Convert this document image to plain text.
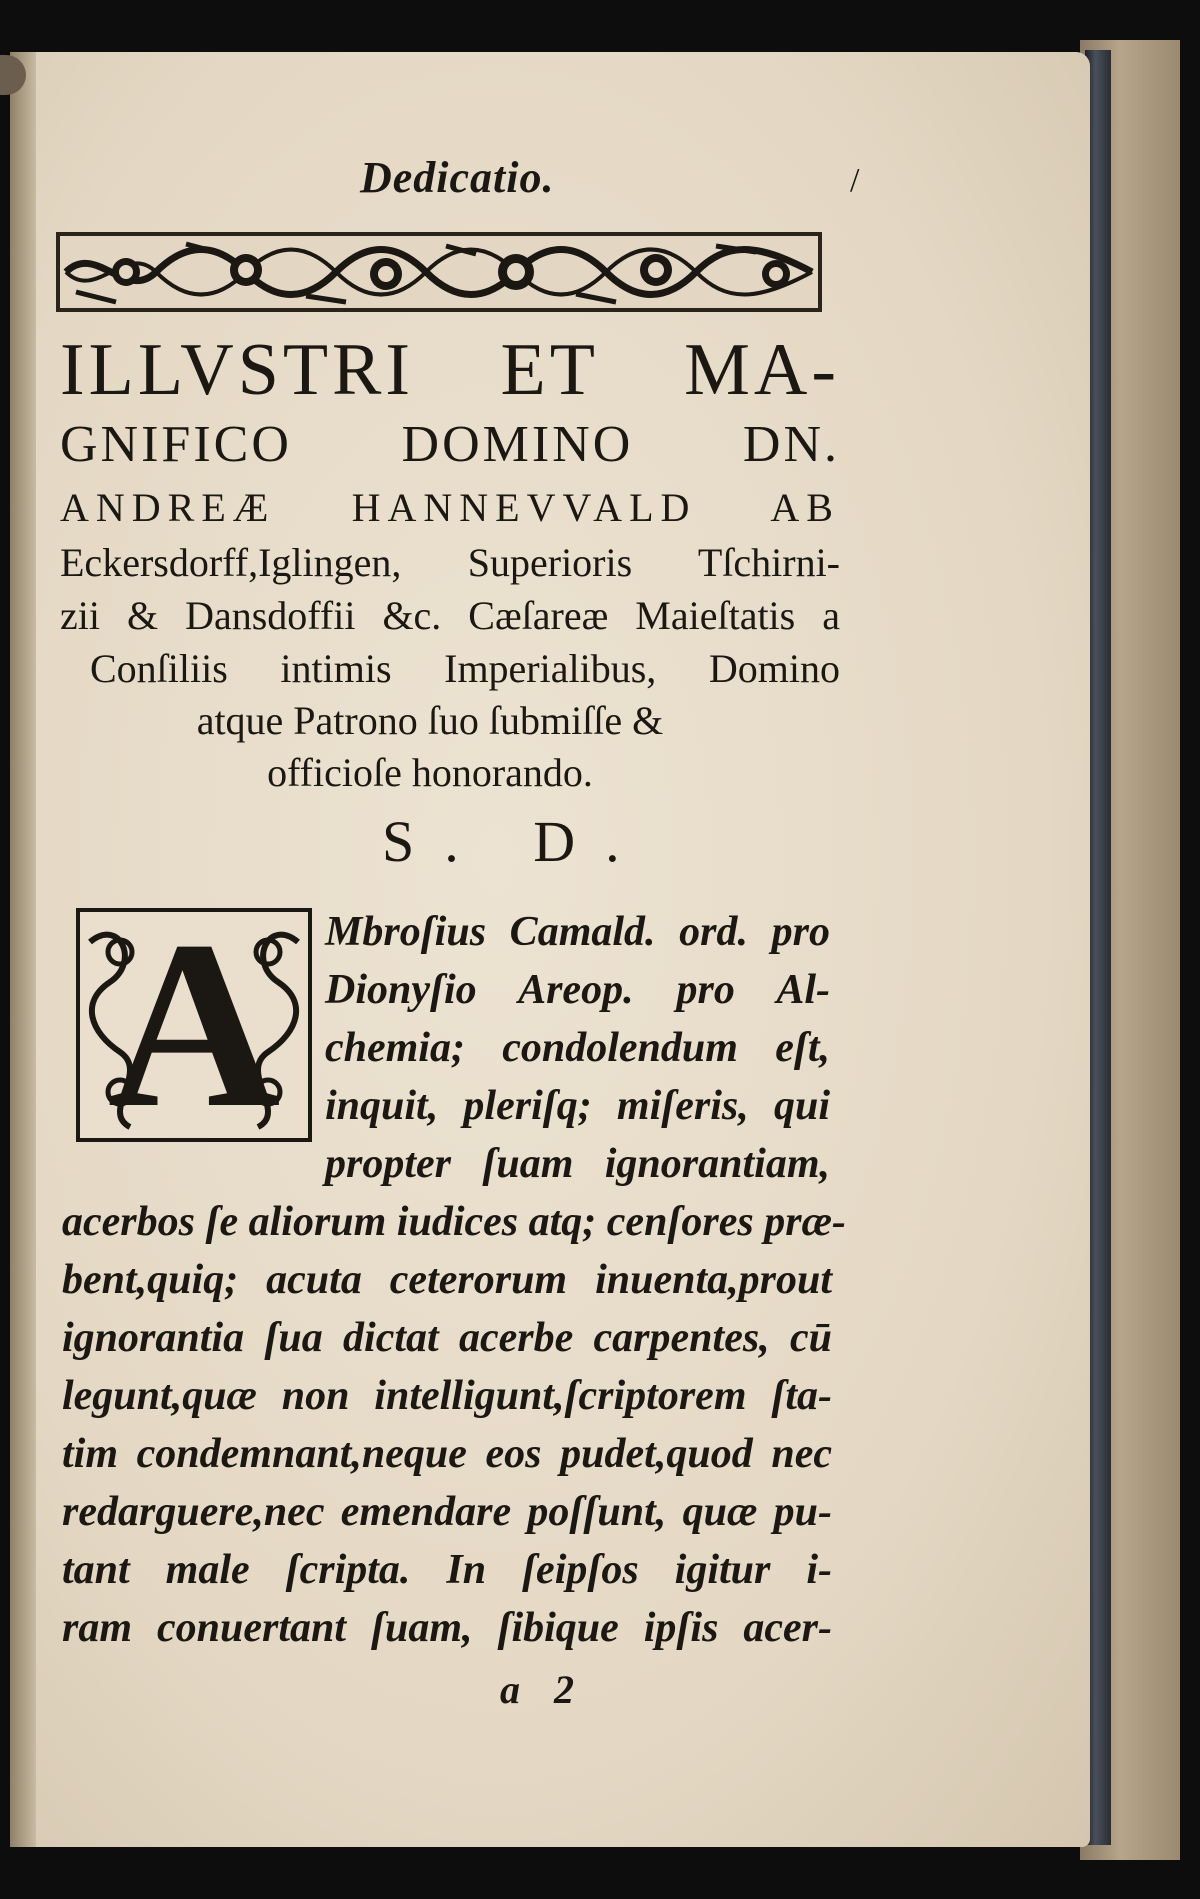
Dedicatio.	/
ILLVSTRI ET MA-
GNIFICO DOMINO DN.
ANDREÆ HANNEVVALD AB
Eckersdorff,Iglingen, Superioris Tſchirni-
zii & Dansdoffii &c. Cæſareæ Maieſtatis a
Conſiliis intimis Imperialibus, Domino
atque Patrono ſuo ſubmiſſe &
officioſe honorando.
S. D.
A	Mbroſius Camald. ord. pro
Dionyſio Areop. pro Al-
chemia; condolendum eſt,
inquit, pleriſq; miſeris, qui
propter ſuam ignorantiam,
acerbos ſe aliorum iudices atq; cenſores præ-
bent,quiq; acuta ceterorum inuenta,prout
ignorantia ſua dictat acerbe carpentes, cū
legunt,quæ non intelligunt,ſcriptorem ſta-
tim condemnant,neque eos pudet,quod nec
redarguere,nec emendare poſſunt, quæ pu-
tant male ſcripta. In ſeipſos igitur i-
ram conuertant ſuam, ſibique ipſis acer-
a 2
